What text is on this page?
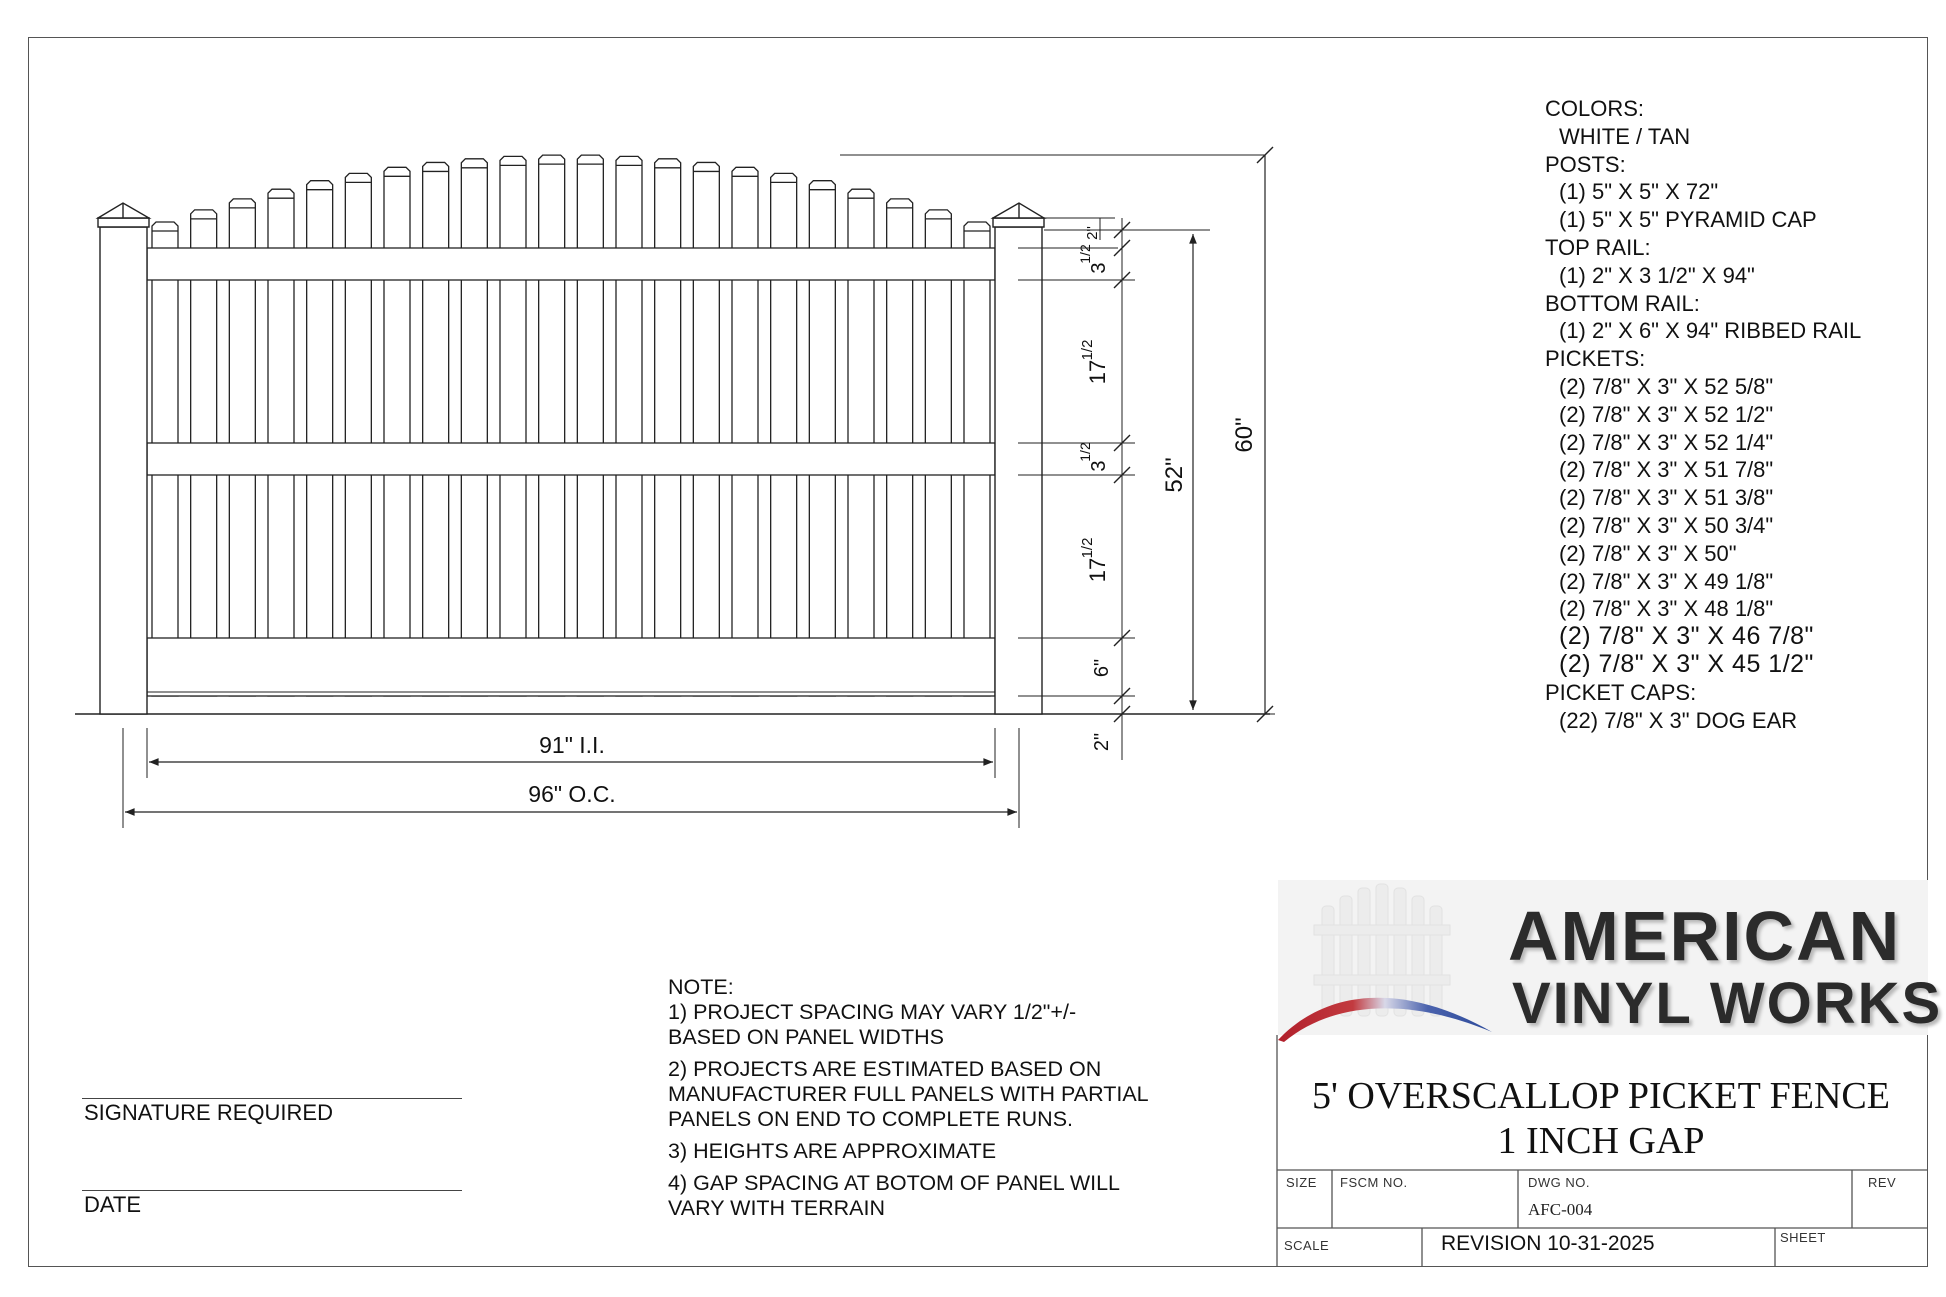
91" I.I.
96" O.C.
60"
52"
2"
3
1/2
17
1/2
3
1/2
17
1/2
6"
2"
COLORS:
WHITE / TAN
POSTS:
(1) 5" X 5" X 72"
(1) 5" X 5" PYRAMID CAP
TOP RAIL:
(1) 2" X 3 1/2" X 94"
BOTTOM RAIL:
(1) 2" X 6" X 94" RIBBED RAIL
PICKETS:
(2) 7/8" X 3" X 52 5/8"
(2) 7/8" X 3" X 52 1/2"
(2) 7/8" X 3" X 52 1/4"
(2) 7/8" X 3" X 51 7/8"
(2) 7/8" X 3" X 51 3/8"
(2) 7/8" X 3" X 50 3/4"
(2) 7/8" X 3" X 50"
(2) 7/8" X 3" X 49 1/8"
(2) 7/8" X 3" X 48 1/8"
(2) 7/8" X 3" X 46 7/8"
(2) 7/8" X 3" X 45 1/2"
PICKET CAPS:
(22) 7/8" X 3" DOG EAR
NOTE:
1) PROJECT SPACING MAY VARY 1/2"+/-
BASED ON PANEL WIDTHS
2) PROJECTS ARE ESTIMATED BASED ON
MANUFACTURER FULL PANELS WITH PARTIAL
PANELS ON END TO COMPLETE RUNS.
3) HEIGHTS ARE APPROXIMATE
4) GAP SPACING AT BOTOM OF PANEL WILL
VARY WITH TERRAIN
SIGNATURE REQUIRED
DATE
AMERICAN
VINYL WORKS
5' OVERSCALLOP PICKET FENCE
1 INCH GAP
SIZE FSCM NO.	DWG NO.
AFC-004
REV
SCALE	REVISION 10-31-2025	SHEET
